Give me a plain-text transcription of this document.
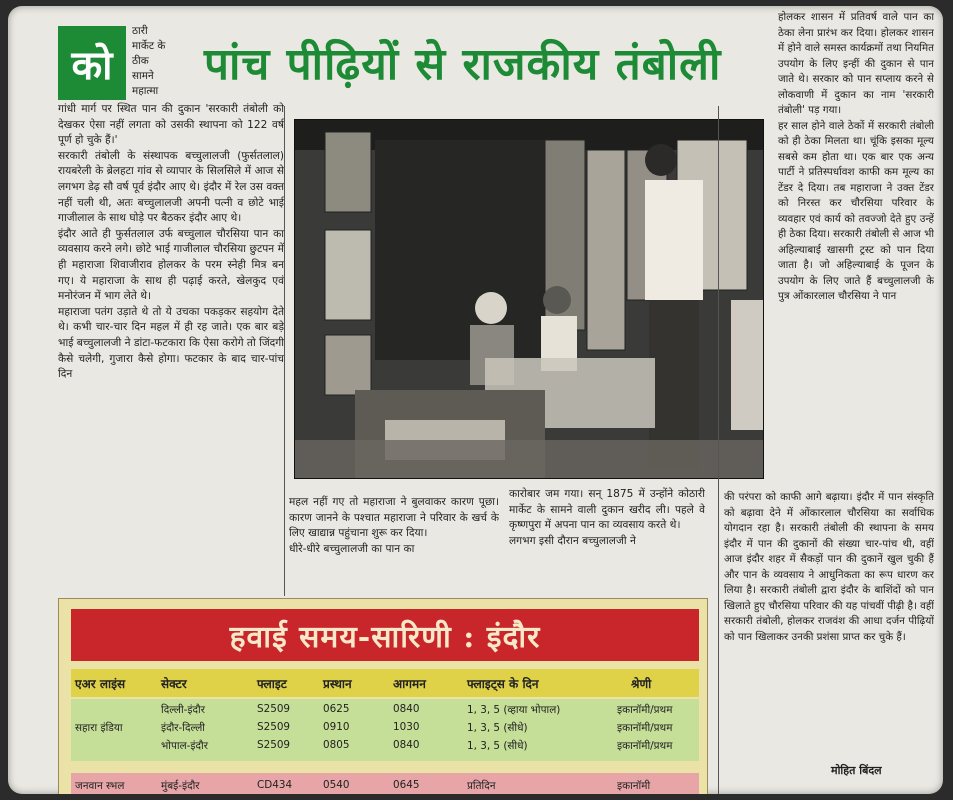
को
ठारी
मार्केट के
ठीक
सामने
महात्मा
पांच पीढ़ियों से राजकीय तंबोली
गांधी मार्ग पर स्थित पान की दुकान 'सरकारी तंबोली को देखकर ऐसा नहीं लगता को उसकी स्थापना को 122 वर्ष पूर्ण हो चुके हैं।'
सरकारी तंबोली के संस्थापक बच्चुलालजी (फुर्सतलाल) रायबरेली के ब्रेलहटा गांव से व्यापार के सिलसिले में आज से लगभग डेढ़ सौ वर्ष पूर्व इंदौर आए थे। इंदौर में रेल उस वक्त नहीं चली थी, अतः बच्चुलालजी अपनी पत्नी व छोटे भाई गाजीलाल के साथ घोड़े पर बैठकर इंदौर आए थे।
इंदौर आते ही फुर्सतलाल उर्फ बच्चुलाल चौरसिया पान का व्यवसाय करने लगे। छोटे भाई गाजीलाल चौरसिया छुटपन में ही महाराजा शिवाजीराव होलकर के परम स्नेही मित्र बन गए। ये महाराजा के साथ ही पढ़ाई करते, खेलकुद एवं मनोरंजन में भाग लेते थे।
महाराजा पतंग उड़ाते थे तो ये उचका पकड़कर सहयोग देते थे। कभी चार-चार दिन महल में ही रह जाते। एक बार बड़े भाई बच्चुलालजी ने डांटा-फटकारा कि ऐसा करोगे तो जिंदगी कैसे चलेगी, गुजारा कैसे होगा। फटकार के बाद चार-पांच दिन
महल नहीं गए तो महाराजा ने बुलवाकर कारण पूछा। कारण जानने के पश्चात महाराजा ने परिवार के खर्च के लिए खाद्यान्न पहुंचाना शुरू कर दिया।
धीरे-धीरे बच्चुलालजी का पान का
कारोबार जम गया। सन् 1875 में उन्होंने कोठारी मार्केट के सामने वाली दुकान खरीद ली। पहले वे कृष्णपुरा में अपना पान का व्यवसाय करते थे।
लगभग इसी दौरान बच्चुलालजी ने
होलकर शासन में प्रतिवर्ष वाले पान का ठेका लेना प्रारंभ कर दिया। होलकर शासन में होने वाले समस्त कार्यक्रमों तथा नियमित उपयोग के लिए इन्हीं की दुकान से पान जाते थे। सरकार को पान सप्लाय करने से लोकवाणी में दुकान का नाम 'सरकारी तंबोली' पड़ गया।
हर साल होने वाले ठेकों में सरकारी तंबोली को ही ठेका मिलता था। चूंकि इसका मूल्य सबसे कम होता था। एक बार एक अन्य पार्टी ने प्रतिस्पर्धावश काफी कम मूल्य का टेंडर दे दिया। तब महाराजा ने उक्त टेंडर को निरस्त कर चौरसिया परिवार के व्यवहार एवं कार्य को तवज्जो देते हुए उन्हें ही ठेका दिया। सरकारी तंबोली से आज भी अहिल्याबाई खासगी ट्रस्ट को पान दिया जाता है। जो अहिल्याबाई के पूजन के उपयोग के लिए जाते हैं बच्चुलालजी के पुत्र ओंकारलाल चौरसिया ने पान
की परंपरा को काफी आगे बढ़ाया। इंदौर में पान संस्कृति को बढ़ावा देने में ओंकारलाल चौरसिया का सर्वाधिक योगदान रहा है। सरकारी तंबोली की स्थापना के समय इंदौर में पान की दुकानों की संख्या चार-पांच थी, वहीं आज इंदौर शहर में सैकड़ों पान की दुकानें खुल चुकी हैं और पान के व्यवसाय ने आधुनिकता का रूप धारण कर लिया है। सरकारी तंबोली द्वारा इंदौर के बाशिंदों को पान खिलाते हुए चौरसिया परिवार की यह पांचवीं पीढ़ी है। वहीं सरकारी तंबोली, होलकर राजवंश की आधा दर्जन पीढ़ियों को पान खिलाकर उनकी प्रशंसा प्राप्त कर चुके हैं।
मोहित बिंदल
हवाई समय-सारिणी : इंदौर
एअर लाइंस	सेक्टर	फ्लाइट	प्रस्थान	आगमन	फ्लाइट्स के दिन	श्रेणी
सहारा इंडिया
दिल्ली-इंदौर	S2509	0625	0840	1, 3, 5 (व्हाया भोपाल)	इकानॉमी/प्रथम
इंदौर-दिल्ली	S2509	0910	1030	1, 3, 5 (सीधे)	इकानॉमी/प्रथम
भोपाल-इंदौर	S2509	0805	0840	1, 3, 5 (सीधे)	इकानॉमी/प्रथम
जनवान स्भल	मुंबई-इंदौर	CD434	0540	0645	प्रतिदिन	इकानॉमी
